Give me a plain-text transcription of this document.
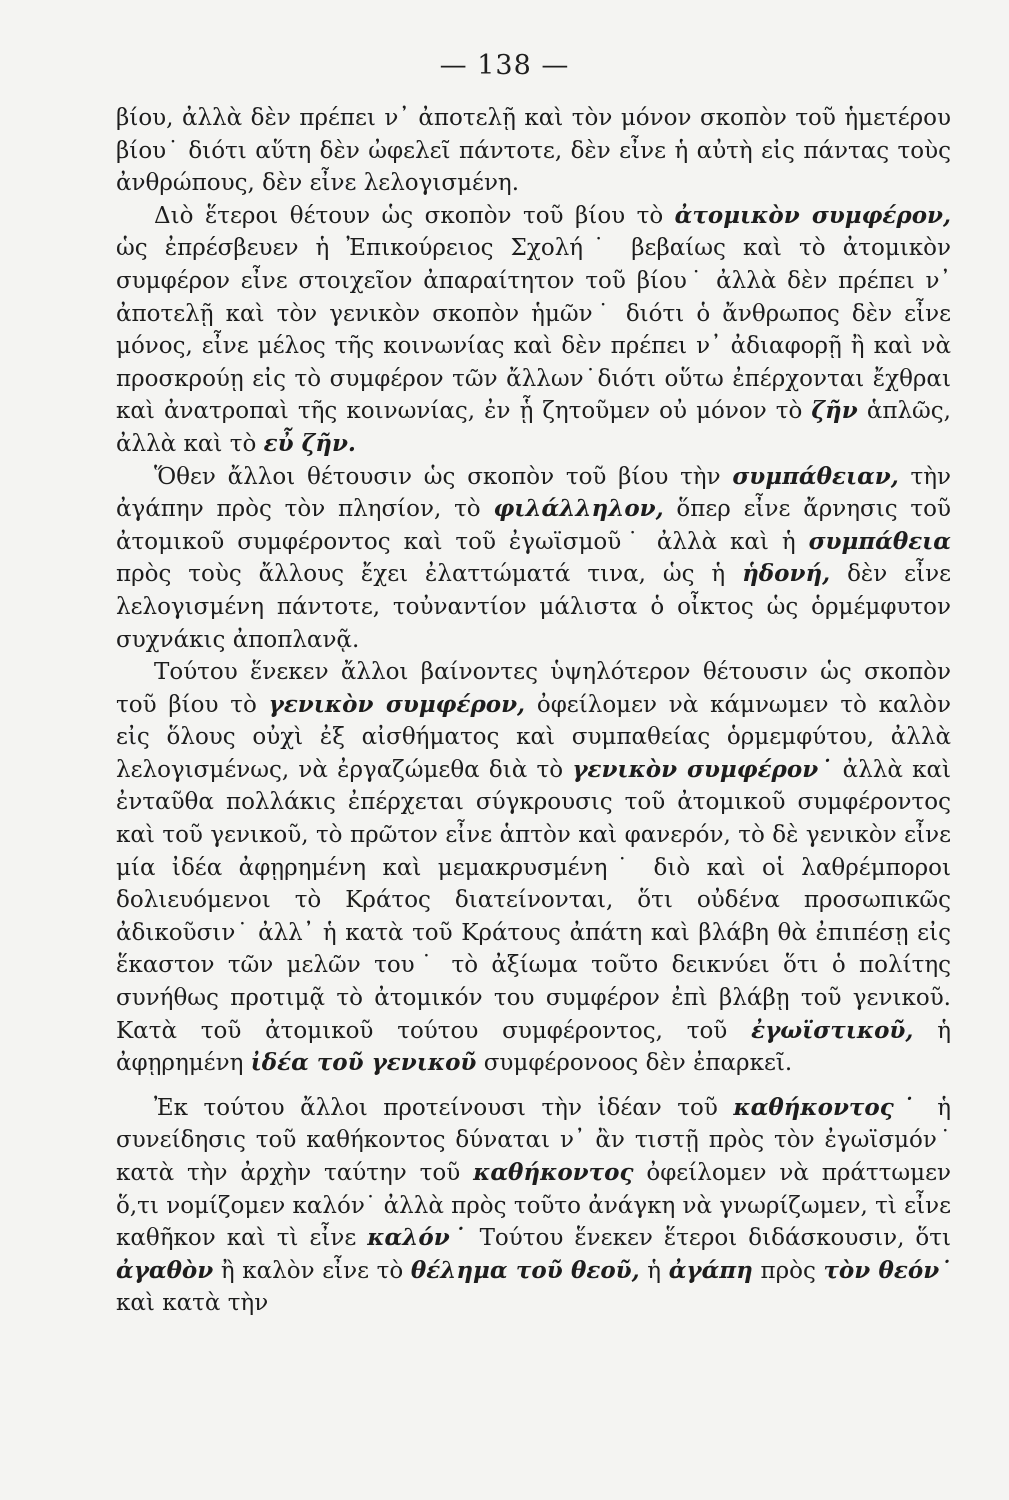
— 138 —

βίου, ἀλλὰ δὲν πρέπει ν᾽ ἀποτελῇ καὶ τὸν μόνον σκοπὸν τοῦ ἡμετέρου βίου˙ διότι αὕτη δὲν ὠφελεῖ πάντοτε, δὲν εἶνε ἡ αὐτὴ εἰς πάντας τοὺς ἀνθρώπους, δὲν εἶνε λελογισμένη.

Διὸ ἕτεροι θέτουν ὡς σκοπὸν τοῦ βίου τὸ ἀτομικὸν συμφέρον, ὡς ἐπρέσβευεν ἡ Ἐπικούρειος Σχολή˙ βεβαίως καὶ τὸ ἀτομικὸν συμφέρον εἶνε στοιχεῖον ἀπαραίτητον τοῦ βίου˙ ἀλλὰ δὲν πρέπει ν᾽ ἀποτελῇ καὶ τὸν γενικὸν σκοπὸν ἡμῶν˙ διότι ὁ ἄνθρωπος δὲν εἶνε μόνος, εἶνε μέλος τῆς κοινωνίας καὶ δὲν πρέπει ν᾽ ἀδιαφορῇ ἢ καὶ νὰ προσκρούῃ εἰς τὸ συμφέρον τῶν ἄλλων˙διότι οὕτω ἐπέρχονται ἔχθραι καὶ ἀνατροπαὶ τῆς κοινωνίας, ἐν ᾗ ζητοῦμεν οὐ μόνον τὸ ζῆν ἁπλῶς, ἀλλὰ καὶ τὸ εὖ ζῆν.

Ὅθεν ἄλλοι θέτουσιν ὡς σκοπὸν τοῦ βίου τὴν συμπάθειαν, τὴν ἀγάπην πρὸς τὸν πλησίον, τὸ φιλάλληλον, ὅπερ εἶνε ἄρνησις τοῦ ἀτομικοῦ συμφέροντος καὶ τοῦ ἐγωϊσμοῦ˙ ἀλλὰ καὶ ἡ συμπάθεια πρὸς τοὺς ἄλλους ἔχει ἐλαττώματά τινα, ὡς ἡ ἡδονή, δὲν εἶνε λελογισμένη πάντοτε, τοὐναντίον μάλιστα ὁ οἶκτος ὡς ὁρμέμφυτον συχνάκις ἀποπλανᾷ.

Τούτου ἕνεκεν ἄλλοι βαίνοντες ὑψηλότερον θέτουσιν ὡς σκοπὸν τοῦ βίου τὸ γενικὸν συμφέρον, ὀφείλομεν νὰ κάμνωμεν τὸ καλὸν εἰς ὅλους οὐχὶ ἐξ αἰσθήματος καὶ συμπαθείας ὁρμεμφύτου, ἀλλὰ λελογισμένως, νὰ ἐργαζώμεθα διὰ τὸ γενικὸν συμφέρον˙ ἀλλὰ καὶ ἐνταῦθα πολλάκις ἐπέρχεται σύγκρουσις τοῦ ἀτομικοῦ συμφέροντος καὶ τοῦ γενικοῦ, τὸ πρῶτον εἶνε ἁπτὸν καὶ φανερόν, τὸ δὲ γενικὸν εἶνε μία ἰδέα ἀφῃρημένη καὶ μεμακρυσμένη˙ διὸ καὶ οἱ λαθρέμποροι δολιευόμενοι τὸ Κράτος διατείνονται, ὅτι οὐδένα προσωπικῶς ἀδικοῦσιν˙ ἀλλ᾽ ἡ κατὰ τοῦ Κράτους ἀπάτη καὶ βλάβη θὰ ἐπιπέσῃ εἰς ἕκαστον τῶν μελῶν του˙ τὸ ἀξίωμα τοῦτο δεικνύει ὅτι ὁ πολίτης συνήθως προτιμᾷ τὸ ἀτομικόν του συμφέρον ἐπὶ βλάβῃ τοῦ γενικοῦ. Κατὰ τοῦ ἀτομικοῦ τούτου συμφέροντος, τοῦ ἐγωϊστικοῦ, ἡ ἀφῃρημένη ἰδέα τοῦ γενικοῦ συμφέρονοος δὲν ἐπαρκεῖ.

Ἐκ τούτου ἄλλοι προτείνουσι τὴν ἰδέαν τοῦ καθήκοντος˙ ἡ συνείδησις τοῦ καθήκοντος δύναται ν᾽ ἂν τιστῇ πρὸς τὸν ἐγωϊσμόν˙ κατὰ τὴν ἀρχὴν ταύτην τοῦ καθήκοντος ὀφείλομεν νὰ πράττωμεν ὅ,τι νομίζομεν καλόν˙ ἀλλὰ πρὸς τοῦτο ἀνάγκη νὰ γνωρίζωμεν, τὶ εἶνε καθῆκον καὶ τὶ εἶνε καλόν˙ Τούτου ἕνεκεν ἕτεροι διδάσκουσιν, ὅτι ἀγαθὸν ἢ καλὸν εἶνε τὸ θέλημα τοῦ θεοῦ, ἡ ἀγάπη πρὸς τὸν θεόν˙ καὶ κατὰ τὴν
